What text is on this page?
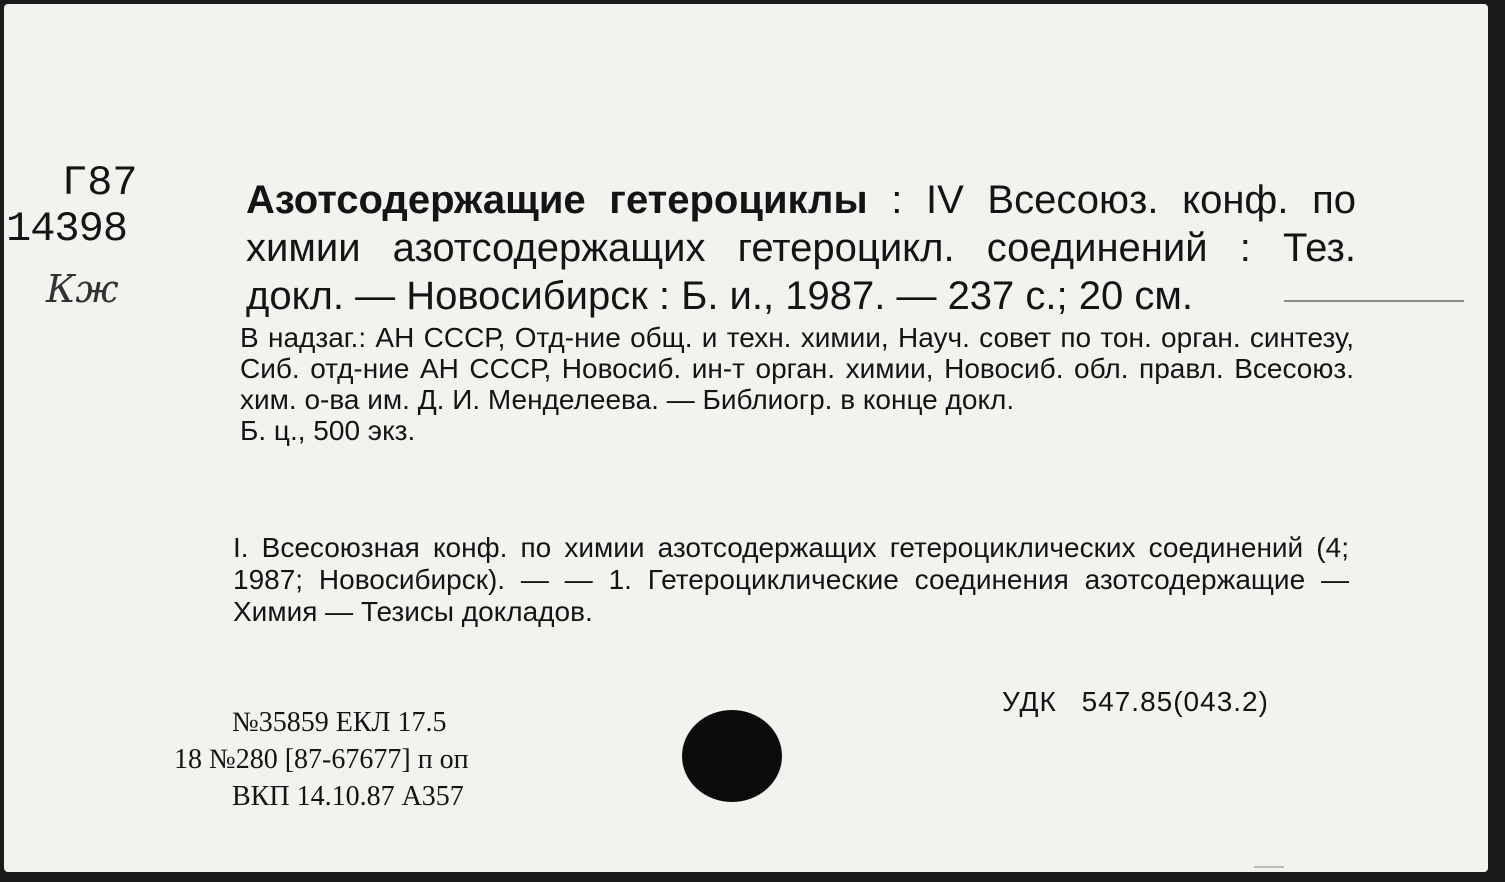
Г87
14398
Кж
Азотсодержащие гетероциклы : IV Всесоюз. конф. по химии азотсодержащих гетероцикл. соединений : Тез. докл. — Новосибирск : Б. и., 1987. — 237 с.; 20 см.
В надзаг.: АН СССР, Отд-ние общ. и техн. химии, Науч. совет по тон. орган. синтезу, Сиб. отд-ние АН СССР, Новосиб. ин-т орган. химии, Новосиб. обл. правл. Всесоюз. хим. о-ва им. Д. И. Менделеева. — Библиогр. в конце докл.
Б. ц., 500 экз.
I. Всесоюзная конф. по химии азотсодержащих гетероциклических соединений (4; 1987; Новосибирск). — — 1. Гетероциклические соединения азотсодержащие — Химия — Тезисы докладов.
УДК 547.85(043.2)
№35859 ЕКЛ 17.5
18 №280 [87-67677] п оп
ВКП 14.10.87 А357
